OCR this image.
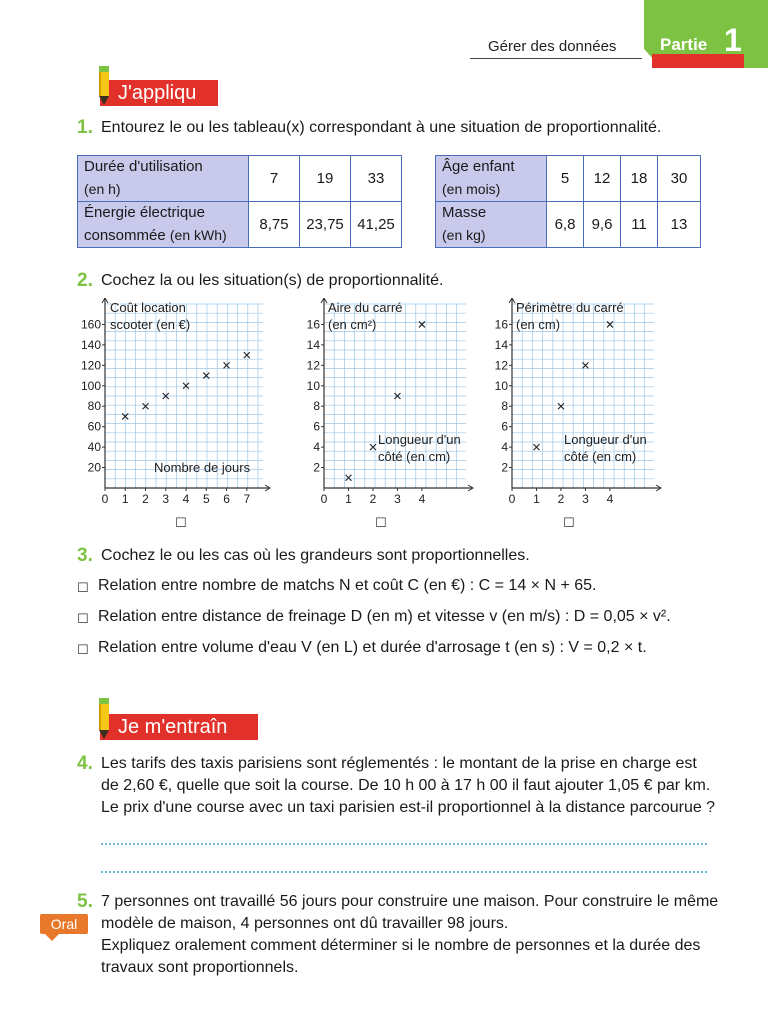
Gérer des données	Partie 1
J'appliqu
1. Entourez le ou les tableau(x) correspondant à une situation de proportionnalité.
Durée d'utilisation
(en h)	7	19	33
Énergie électrique
consommée (en kWh)	8,75	23,75	41,25
Âge enfant
(en mois)	5	12	18	30
Masse
(en kg)	6,8	9,6	11	13
2. Cochez la ou les situation(s) de proportionnalité.
0 1 2 3 4 5 6 7
20
40
60
80
100
120
140
160
Coût location
scooter (en €)
Nombre de jours
0 1 2 3 4
2
4
6
8
10
12
14
16
Aire du carré
(en cm²)
Longueur d'un
côté (en cm)
0 1 2 3 4
2
4
6
8
10
12
14
16
Périmètre du carré
(en cm)
Longueur d'un
côté (en cm)
☐	☐	☐
3. Cochez le ou les cas où les grandeurs sont proportionnelles.
☐ Relation entre nombre de matchs N et coût C (en €) : C = 14 × N + 65.
☐ Relation entre distance de freinage D (en m) et vitesse v (en m/s) : D = 0,05 × v².
☐ Relation entre volume d'eau V (en L) et durée d'arrosage t (en s) : V = 0,2 × t.
Je m'entraîn
4. Les tarifs des taxis parisiens sont réglementés : le montant de la prise en charge est
de 2,60 €, quelle que soit la course. De 10 h 00 à 17 h 00 il faut ajouter 1,05 € par km.
Le prix d'une course avec un taxi parisien est-il proportionnel à la distance parcourue ?
5.
Oral
7 personnes ont travaillé 56 jours pour construire une maison. Pour construire le même
modèle de maison, 4 personnes ont dû travailler 98 jours.
Expliquez oralement comment déterminer si le nombre de personnes et la durée des
travaux sont proportionnels.
